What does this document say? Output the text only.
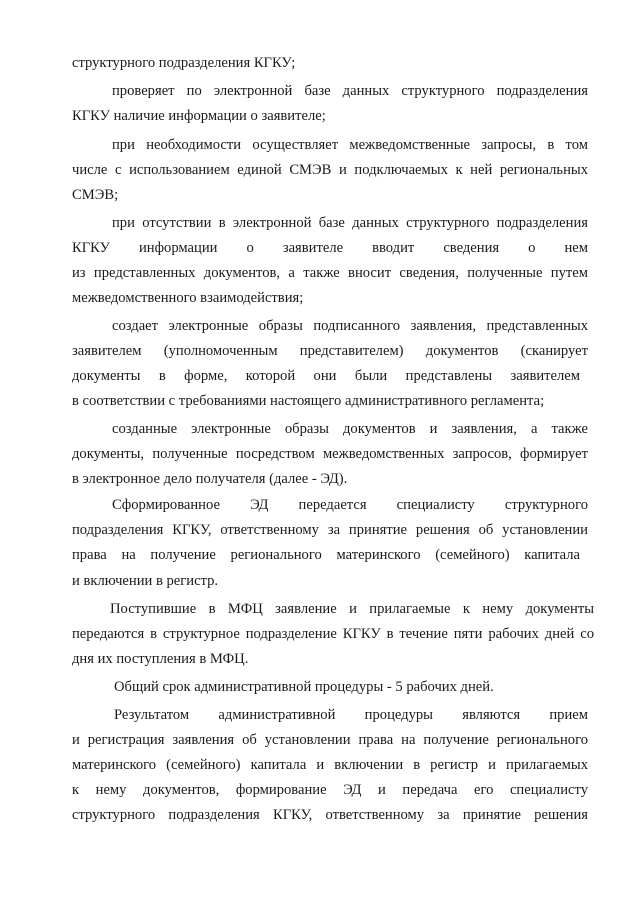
структурного подразделения КГКУ;

проверяет по электронной базе данных структурного подразделения

КГКУ наличие информации о заявителе;

при необходимости осуществляет межведомственные запросы, в том

числе с использованием единой СМЭВ и подключаемых к ней региональных

СМЭВ;

при отсутствии в электронной базе данных структурного подразделения

КГКУ информации о заявителе вводит сведения о нем

из представленных документов, а также вносит сведения, полученные путем

межведомственного взаимодействия;

создает электронные образы подписанного заявления, представленных

заявителем (уполномоченным представителем) документов (сканирует

документы в форме, которой они были представлены заявителем

в соответствии с требованиями настоящего административного регламента;

созданные электронные образы документов и заявления, а также

документы, полученные посредством межведомственных запросов, формирует

в электронное дело получателя (далее - ЭД).

Сформированное ЭД передается специалисту структурного

подразделения КГКУ, ответственному за принятие решения об установлении

права на получение регионального материнского (семейного) капитала

и включении в регистр.

Поступившие в МФЦ заявление и прилагаемые к нему документы

передаются в структурное подразделение КГКУ в течение пяти рабочих дней со

дня их поступления в МФЦ.

Общий срок административной процедуры - 5 рабочих дней.

Результатом административной процедуры являются прием

и регистрация заявления об установлении права на получение регионального

материнского (семейного) капитала и включении в регистр и прилагаемых

к нему документов, формирование ЭД и передача его специалисту

структурного подразделения КГКУ, ответственному за принятие решения
